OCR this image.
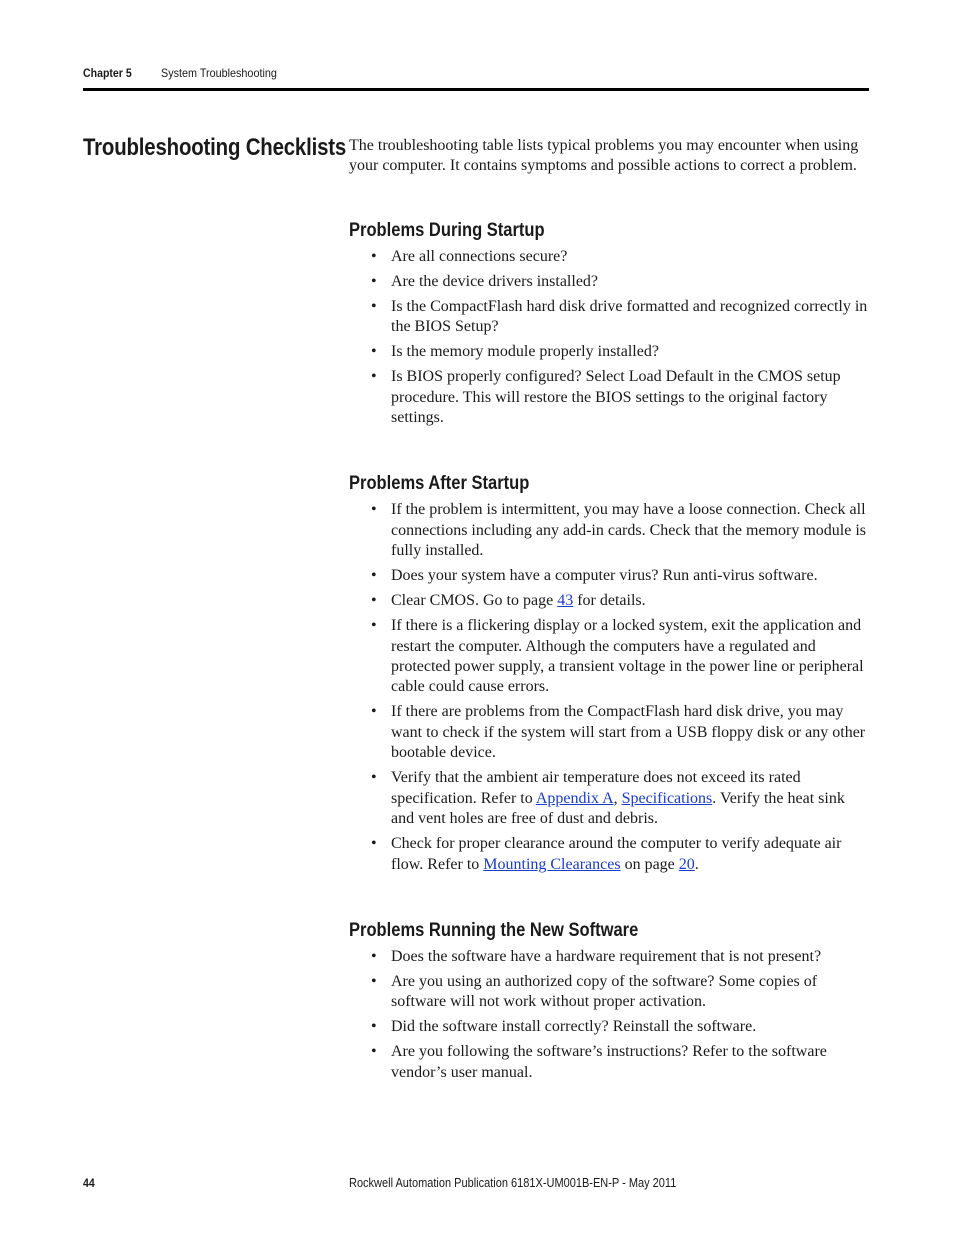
Chapter 5 System Troubleshooting
Troubleshooting Checklists The troubleshooting table lists typical problems you may encounter when using your computer. It contains symptoms and possible actions to correct a problem.

Problems During Startup
• Are all connections secure?
• Are the device drivers installed?
• Is the CompactFlash hard disk drive formatted and recognized correctly in the BIOS Setup?
• Is the memory module properly installed?
• Is BIOS properly configured? Select Load Default in the CMOS setup procedure. This will restore the BIOS settings to the original factory settings.
Problems After Startup
• If the problem is intermittent, you may have a loose connection. Check all connections including any add-in cards. Check that the memory module is fully installed.
• Does your system have a computer virus? Run anti-virus software.
• Clear CMOS. Go to page 43 for details.
• If there is a flickering display or a locked system, exit the application and restart the computer. Although the computers have a regulated and protected power supply, a transient voltage in the power line or peripheral cable could cause errors.
• If there are problems from the CompactFlash hard disk drive, you may want to check if the system will start from a USB floppy disk or any other bootable device.
• Verify that the ambient air temperature does not exceed its rated specification. Refer to Appendix A, Specifications. Verify the heat sink and vent holes are free of dust and debris.
• Check for proper clearance around the computer to verify adequate air flow. Refer to Mounting Clearances on page 20.
Problems Running the New Software
• Does the software have a hardware requirement that is not present?
• Are you using an authorized copy of the software? Some copies of software will not work without proper activation.
• Did the software install correctly? Reinstall the software.
• Are you following the software’s instructions? Refer to the software vendor’s user manual.
44	Rockwell Automation Publication 6181X-UM001B-EN-P - May 2011
